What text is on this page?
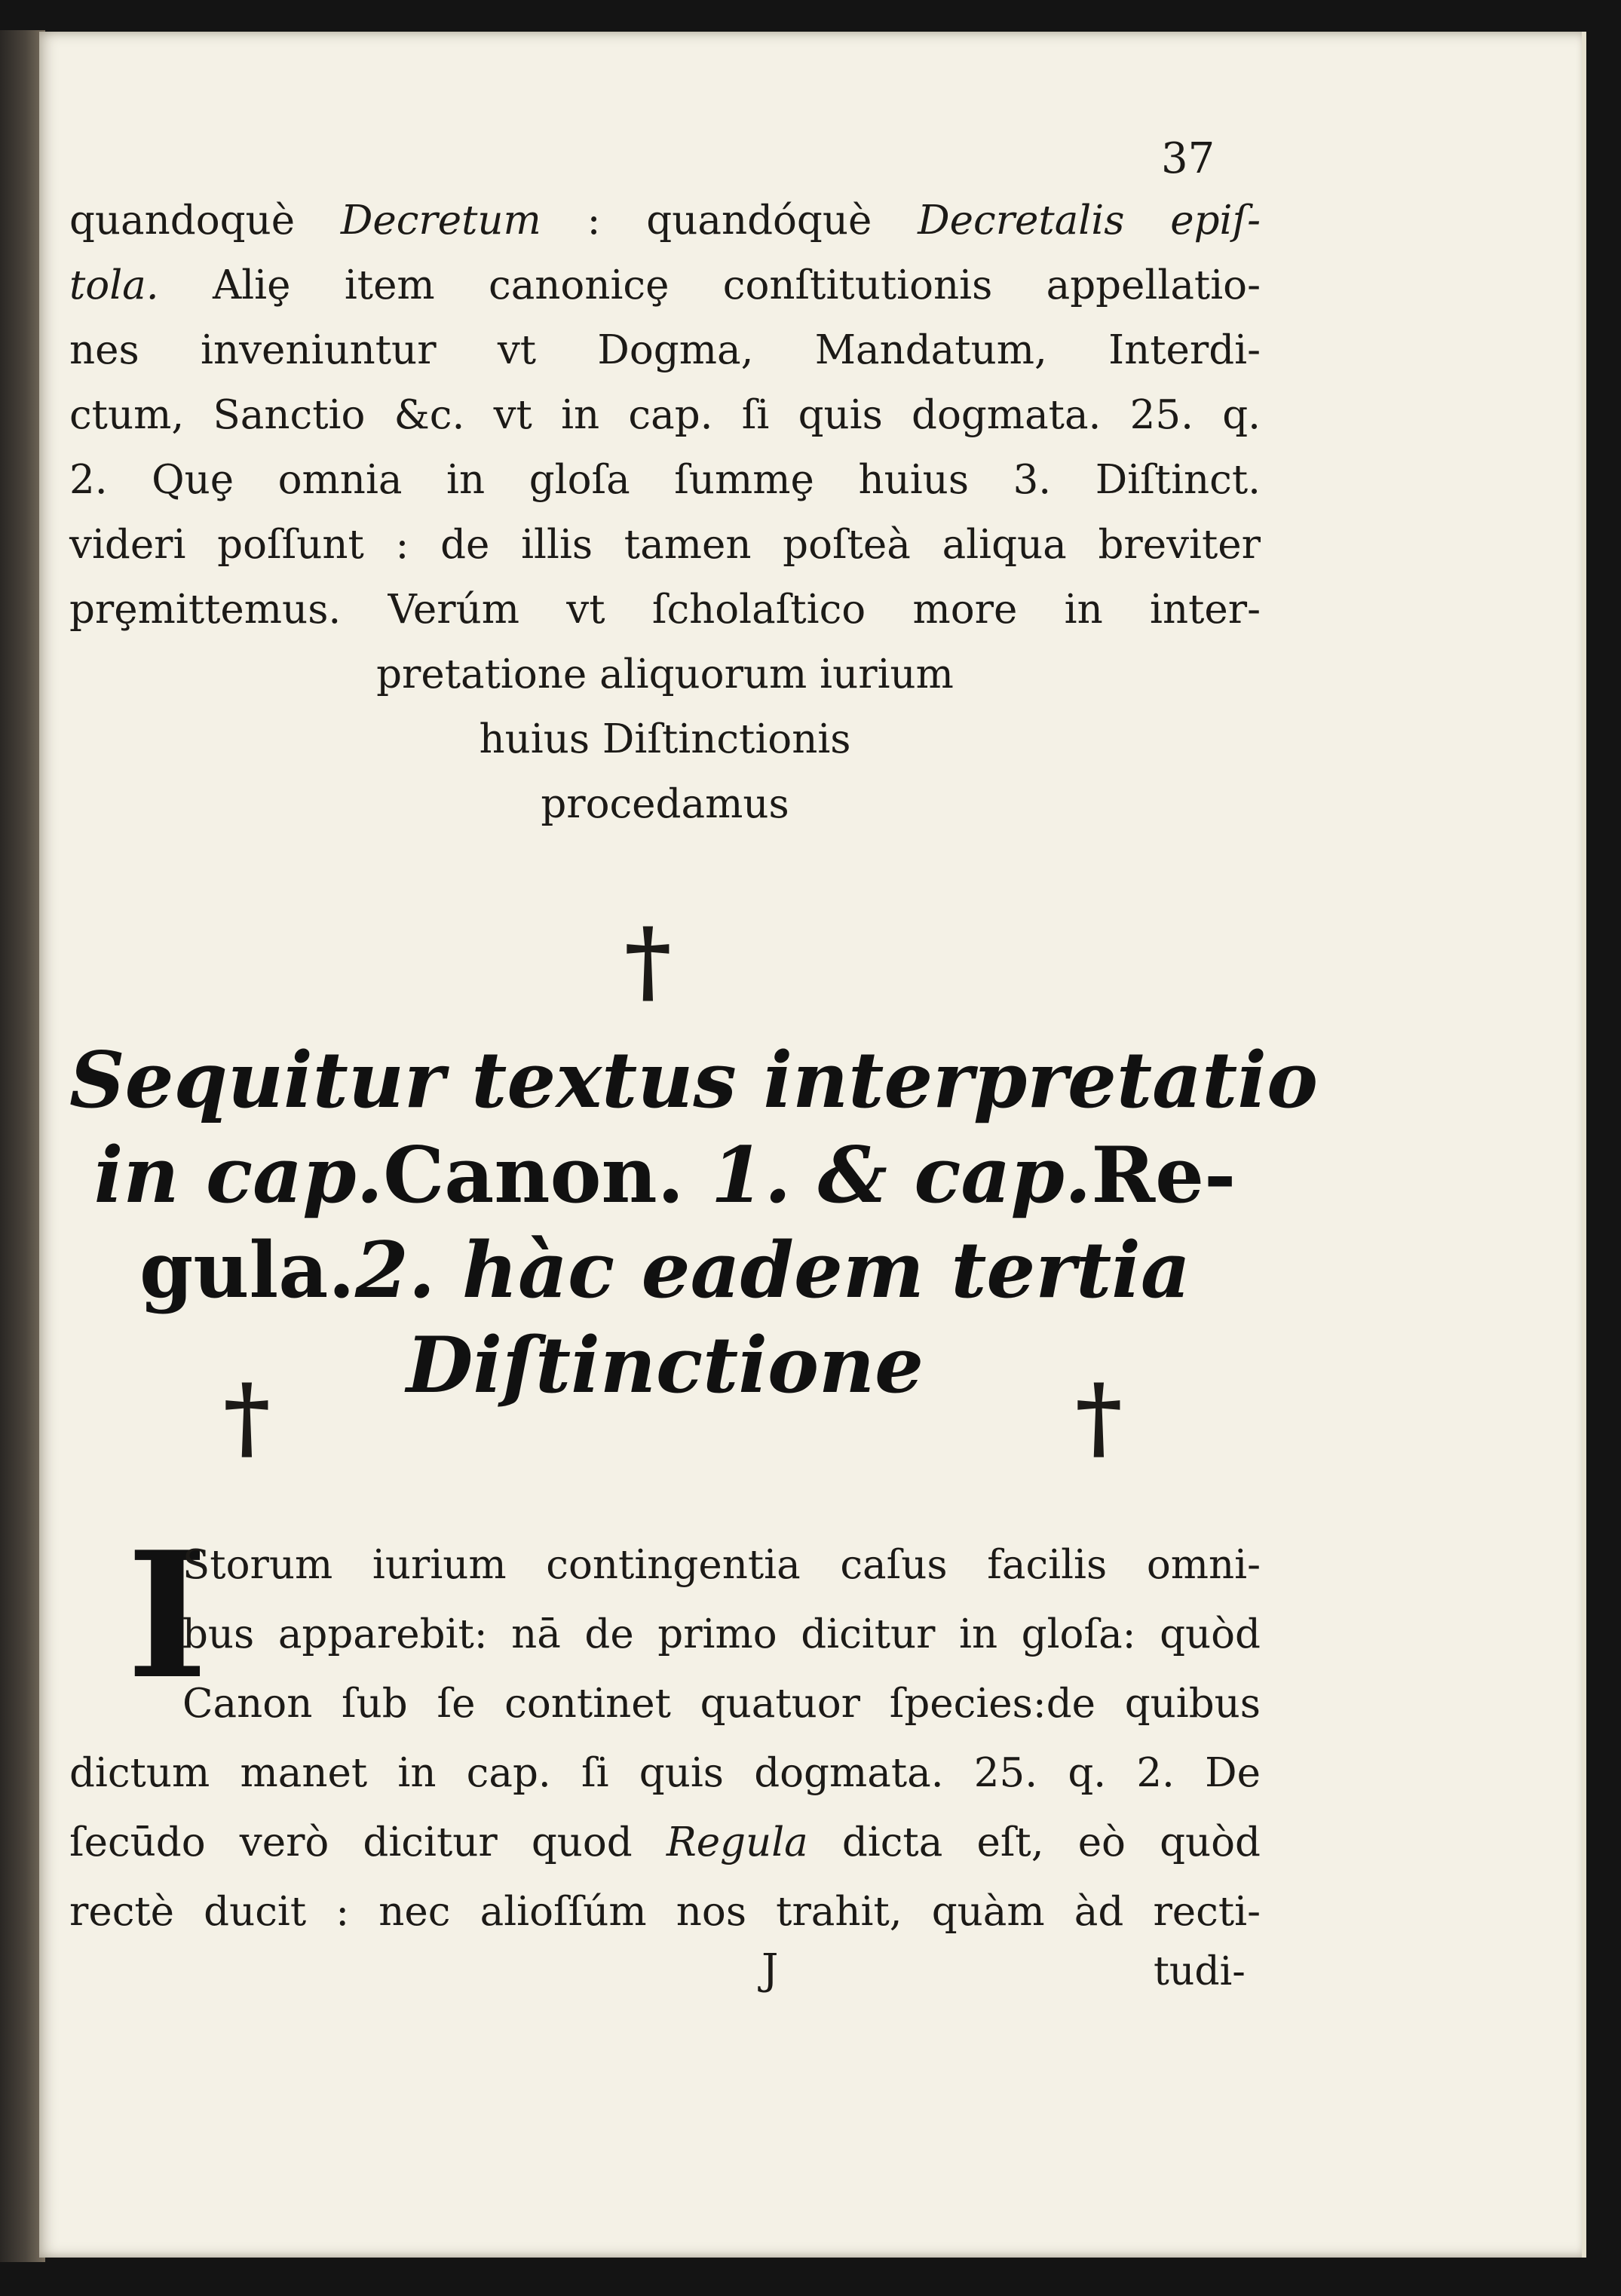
37
quandoquè Decretum : quandóquè Decretalis epiſ-
tola. Aliȩ item canonicȩ conſtitutionis appellatio-
nes inveniuntur vt Dogma, Mandatum, Interdi-
ctum, Sanctio &c. vt in cap. ſi quis dogmata. 25. q.
2. Quȩ omnia in gloſa ſummȩ huius 3. Diſtinct.
videri poſſunt : de illis tamen poſteà aliqua breviter
prȩmittemus. Verúm vt ſcholaſtico more in inter-
pretatione aliquorum iurium
huius Diſtinctionis
procedamus
†
Sequitur textus interpretatio
in cap.Canon. 1. & cap.Re-
gula.2. hàc eadem tertia
Diſtinctione
†	†
I
Storum iurium contingentia caſus facilis omni-
bus apparebit: nā de primo dicitur in gloſa: quòd
Canon ſub ſe continet quatuor ſpecies:de quibus
dictum manet in cap. ſi quis dogmata. 25. q. 2. De
ſecūdo verò dicitur quod Regula dicta eſt, eò quòd
rectè ducit : nec alioſſúm nos trahit, quàm àd recti-
J	tudi-
